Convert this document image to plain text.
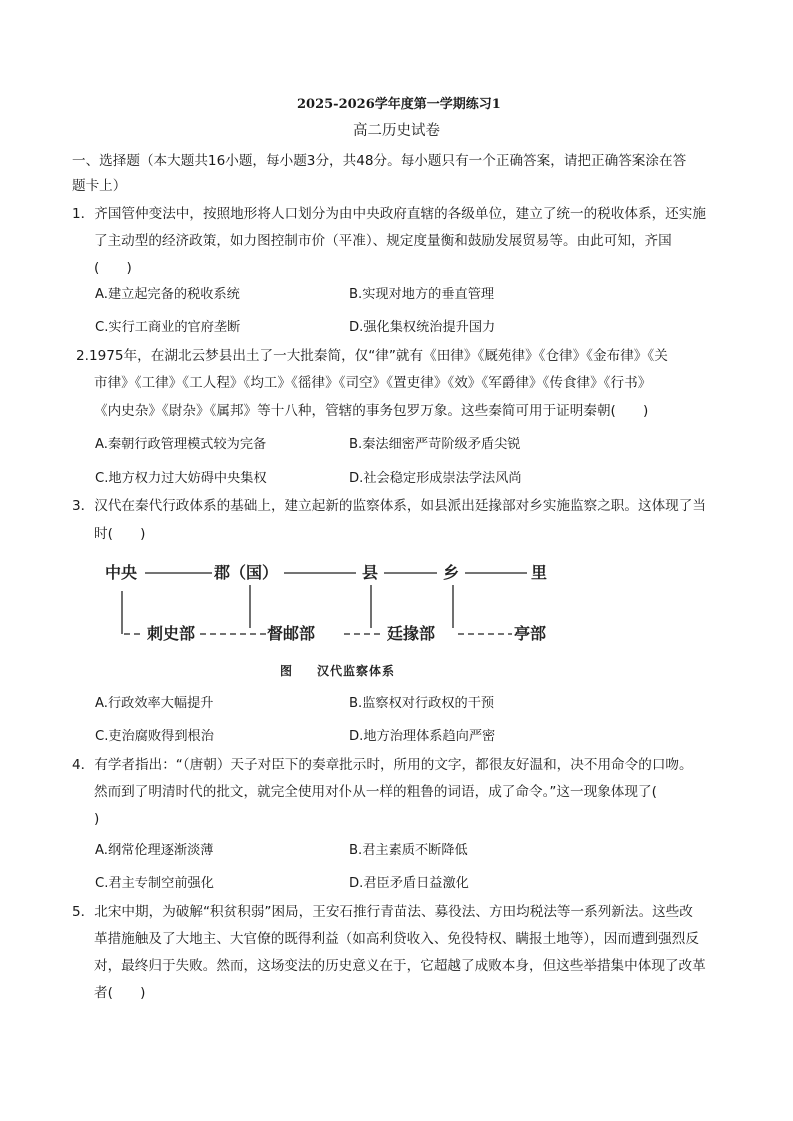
2025-2026学年度第一学期练习1
高二历史试卷
一、选择题（本大题共16小题，每小题3分，共48分。每小题只有一个正确答案，请把正确答案涂在答
题卡上）
1．齐国管仲变法中，按照地形将人口划分为由中央政府直辖的各级单位，建立了统一的税收体系，还实施
了主动型的经济政策，如力图控制市价（平准）、规定度量衡和鼓励发展贸易等。由此可知，齐国
(　　)
A.建立起完备的税收系统	B.实现对地方的垂直管理
C.实行工商业的官府垄断	D.强化集权统治提升国力
2.1975年，在湖北云梦县出土了一大批秦简，仅“律”就有《田律》《厩苑律》《仓律》《金布律》《关
市律》《工律》《工人程》《均工》《徭律》《司空》《置吏律》《效》《军爵律》《传食律》《行书》
《内史杂》《尉杂》《属邦》等十八种，管辖的事务包罗万象。这些秦简可用于证明秦朝(　　)
A.秦朝行政管理模式较为完备	B.秦法细密严苛阶级矛盾尖锐
C.地方权力过大妨碍中央集权	D.社会稳定形成崇法学法风尚
3．汉代在秦代行政体系的基础上，建立起新的监察体系，如县派出廷掾部对乡实施监察之职。这体现了当
时(　　)
中央	郡（国）	县	乡	里
刺史部	督邮部	廷掾部	亭部
图 汉代监察体系
A.行政效率大幅提升	B.监察权对行政权的干预
C.吏治腐败得到根治	D.地方治理体系趋向严密
4．有学者指出：“（唐朝）天子对臣下的奏章批示时，所用的文字，都很友好温和，决不用命令的口吻。
然而到了明清时代的批文，就完全使用对仆从一样的粗鲁的词语，成了命令。”这一现象体现了(
)
A.纲常伦理逐渐淡薄	B.君主素质不断降低
C.君主专制空前强化	D.君臣矛盾日益激化
5．北宋中期，为破解“积贫积弱”困局，王安石推行青苗法、募役法、方田均税法等一系列新法。这些改
革措施触及了大地主、大官僚的既得利益（如高利贷收入、免役特权、瞒报土地等），因而遭到强烈反
对，最终归于失败。然而，这场变法的历史意义在于，它超越了成败本身，但这些举措集中体现了改革
者(　　)
